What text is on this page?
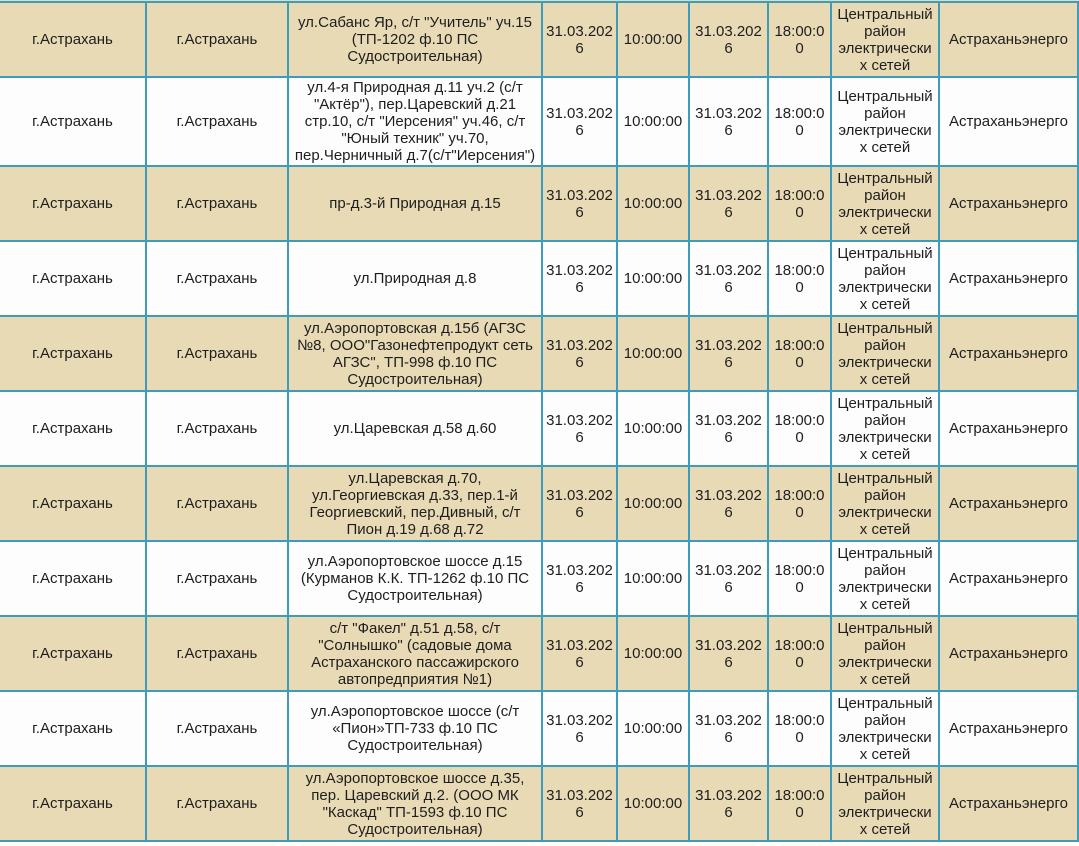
г.Астрахань	г.Астрахань	ул.Сабанс Яр, с/т "Учитель" уч.15 (ТП-1202 ф.10 ПС Судостроительная)	31.03.2026	10:00:00	31.03.2026	18:00:00	Центральный район электрических сетей	Астраханьэнерго
г.Астрахань	г.Астрахань	ул.4-я Природная д.11 уч.2 (с/т "Актёр"), пер.Царевский д.21 стр.10, с/т "Иерсения" уч.46, с/т "Юный техник" уч.70, пер.Черничный д.7(с/т"Иерсения")	31.03.2026	10:00:00	31.03.2026	18:00:00	Центральный район электрических сетей	Астраханьэнерго
г.Астрахань	г.Астрахань	пр-д.3-й Природная д.15	31.03.2026	10:00:00	31.03.2026	18:00:00	Центральный район электрических сетей	Астраханьэнерго
г.Астрахань	г.Астрахань	ул.Природная д.8	31.03.2026	10:00:00	31.03.2026	18:00:00	Центральный район электрических сетей	Астраханьэнерго
г.Астрахань	г.Астрахань	ул.Аэропортовская д.15б (АГЗС №8, ООО"Газонефтепродукт сеть АГЗС", ТП-998 ф.10 ПС Судостроительная)	31.03.2026	10:00:00	31.03.2026	18:00:00	Центральный район электрических сетей	Астраханьэнерго
г.Астрахань	г.Астрахань	ул.Царевская д.58 д.60	31.03.2026	10:00:00	31.03.2026	18:00:00	Центральный район электрических сетей	Астраханьэнерго
г.Астрахань	г.Астрахань	ул.Царевская д.70, ул.Георгиевская д.33, пер.1-й Георгиевский, пер.Дивный, с/т Пион д.19 д.68 д.72	31.03.2026	10:00:00	31.03.2026	18:00:00	Центральный район электрических сетей	Астраханьэнерго
г.Астрахань	г.Астрахань	ул.Аэропортовское шоссе д.15 (Курманов К.К. ТП-1262 ф.10 ПС Судостроительная)	31.03.2026	10:00:00	31.03.2026	18:00:00	Центральный район электрических сетей	Астраханьэнерго
г.Астрахань	г.Астрахань	с/т "Факел" д.51 д.58, с/т "Солнышко" (садовые дома Астраханского пассажирского автопредприятия №1)	31.03.2026	10:00:00	31.03.2026	18:00:00	Центральный район электрических сетей	Астраханьэнерго
г.Астрахань	г.Астрахань	ул.Аэропортовское шоссе (с/т «Пион»ТП-733 ф.10 ПС Судостроительная)	31.03.2026	10:00:00	31.03.2026	18:00:00	Центральный район электрических сетей	Астраханьэнерго
г.Астрахань	г.Астрахань	ул.Аэропортовское шоссе д.35, пер. Царевский д.2. (ООО МК "Каскад" ТП-1593 ф.10 ПС Судостроительная)	31.03.2026	10:00:00	31.03.2026	18:00:00	Центральный район электрических сетей	Астраханьэнерго
